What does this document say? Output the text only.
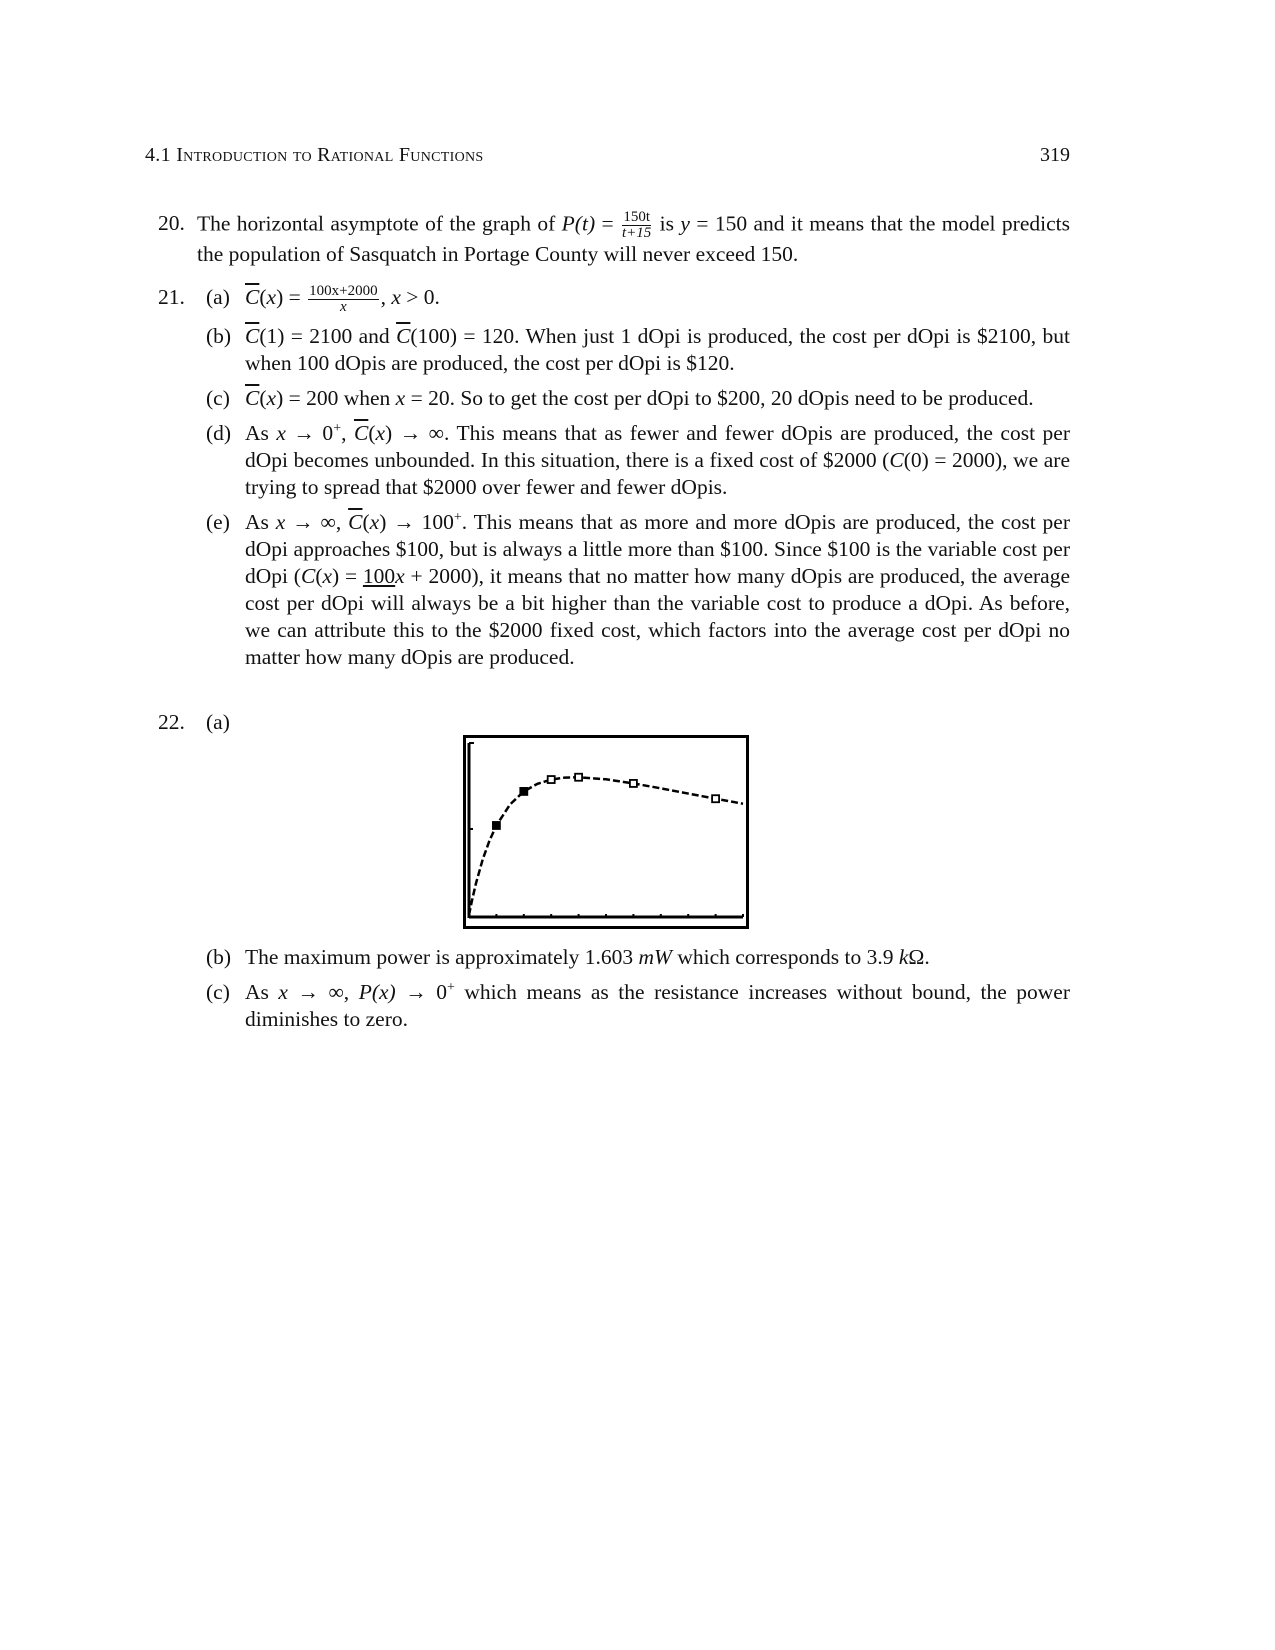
4.1 Introduction to Rational Functions	319
20. The horizontal asymptote of the graph of $P(t) = \frac{150t}{t+15}$ is y = 150 and it means that the model predicts the population of Sasquatch in Portage County will never exceed 150.
21. (a) $\overline{C}(x) = \frac{100x+2000}{x}$ , x > 0.
(b) $\overline{C}(1) = 2100$ and $\overline{C}(100) = 120$. When just 1 dOpi is produced, the cost per dOpi is $2100, but when 100 dOpis are produced, the cost per dOpi is $120.
(c) $\overline{C}(x) = 200$ when x = 20. So to get the cost per dOpi to $200, 20 dOpis need to be produced.
(d) As x → 0+, $\overline{C}(x)$ → ∞. This means that as fewer and fewer dOpis are produced, the cost per dOpi becomes unbounded. In this situation, there is a fixed cost of $2000 (C(0) = 2000), we are trying to spread that $2000 over fewer and fewer dOpis.
(e) As x → ∞, $\overline{C}(x) \to 100^+$. This means that as more and more dOpis are produced, the cost per dOpi approaches $100, but is always a little more than $100. Since $100 is the variable cost per dOpi (C(x) = 100x + 2000), it means that no matter how many dOpis are produced, the average cost per dOpi will always be a bit higher than the variable cost to produce a dOpi. As before, we can attribute this to the $2000 fixed cost, which factors into the average cost per dOpi no matter how many dOpis are produced.
22. (a)

(b) The maximum power is approximately 1.603 mW which corresponds to 3.9 kΩ.
(c) As x → ∞, P(x) → 0+ which means as the resistance increases without bound, the power diminishes to zero.
